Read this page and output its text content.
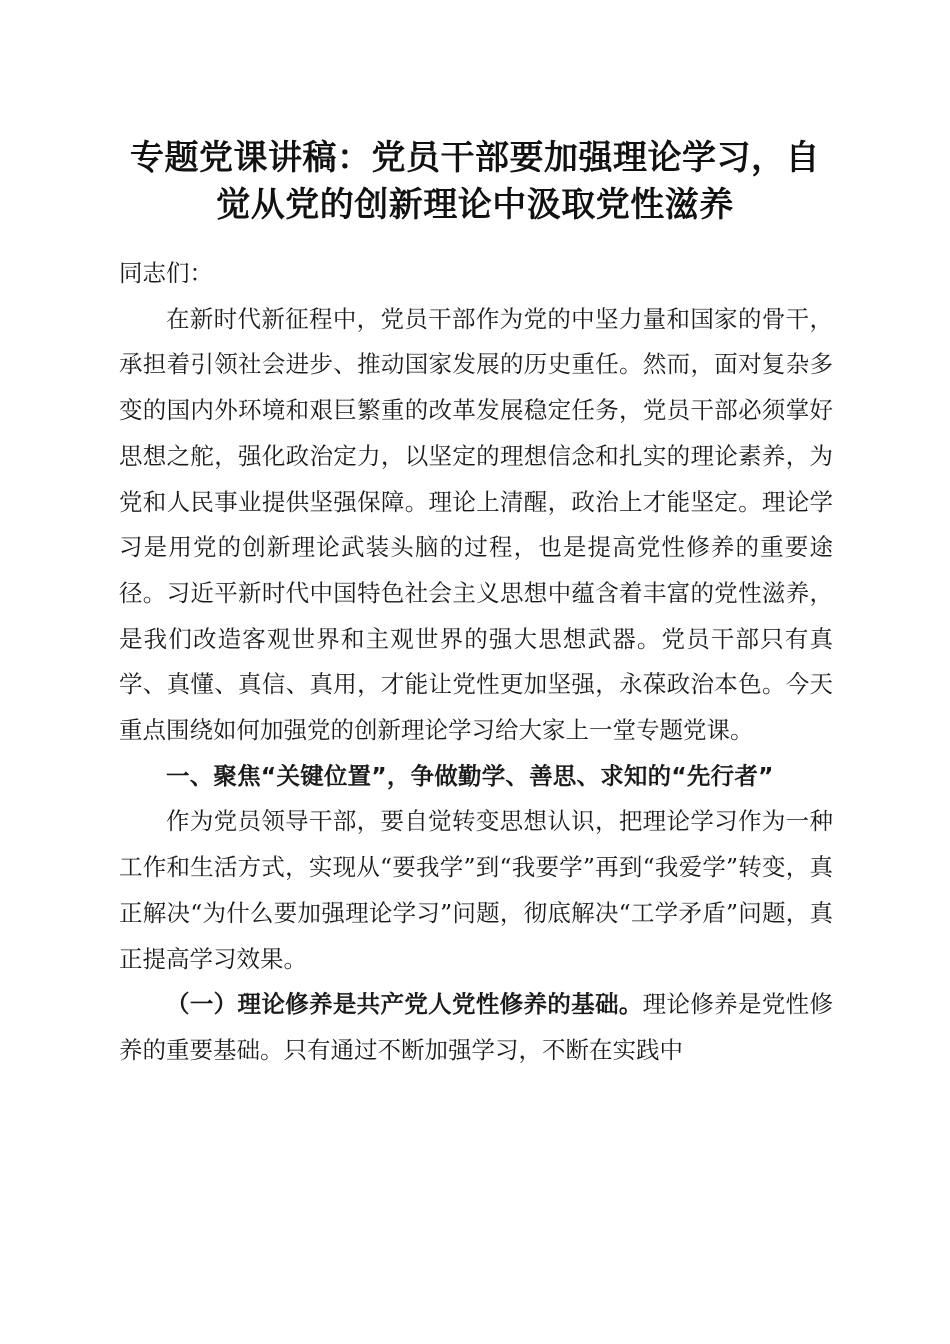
专题党课讲稿：党员干部要加强理论学习，自
觉从党的创新理论中汲取党性滋养

同志们：

在新时代新征程中，党员干部作为党的中坚力量和国家的骨干，承担着引领社会进步、推动国家发展的历史重任。然而，面对复杂多变的国内外环境和艰巨繁重的改革发展稳定任务，党员干部必须掌好思想之舵，强化政治定力，以坚定的理想信念和扎实的理论素养，为党和人民事业提供坚强保障。理论上清醒，政治上才能坚定。理论学习是用党的创新理论武装头脑的过程，也是提高党性修养的重要途径。习近平新时代中国特色社会主义思想中蕴含着丰富的党性滋养，是我们改造客观世界和主观世界的强大思想武器。党员干部只有真学、真懂、真信、真用，才能让党性更加坚强，永葆政治本色。今天重点围绕如何加强党的创新理论学习给大家上一堂专题党课。

一、聚焦“关键位置”，争做勤学、善思、求知的“先行者”

作为党员领导干部，要自觉转变思想认识，把理论学习作为一种工作和生活方式，实现从“要我学”到“我要学”再到“我爱学”转变，真正解决“为什么要加强理论学习”问题，彻底解决“工学矛盾”问题，真正提高学习效果。

（一）理论修养是共产党人党性修养的基础。理论修养是党性修养的重要基础。只有通过不断加强学习，不断在实践中
